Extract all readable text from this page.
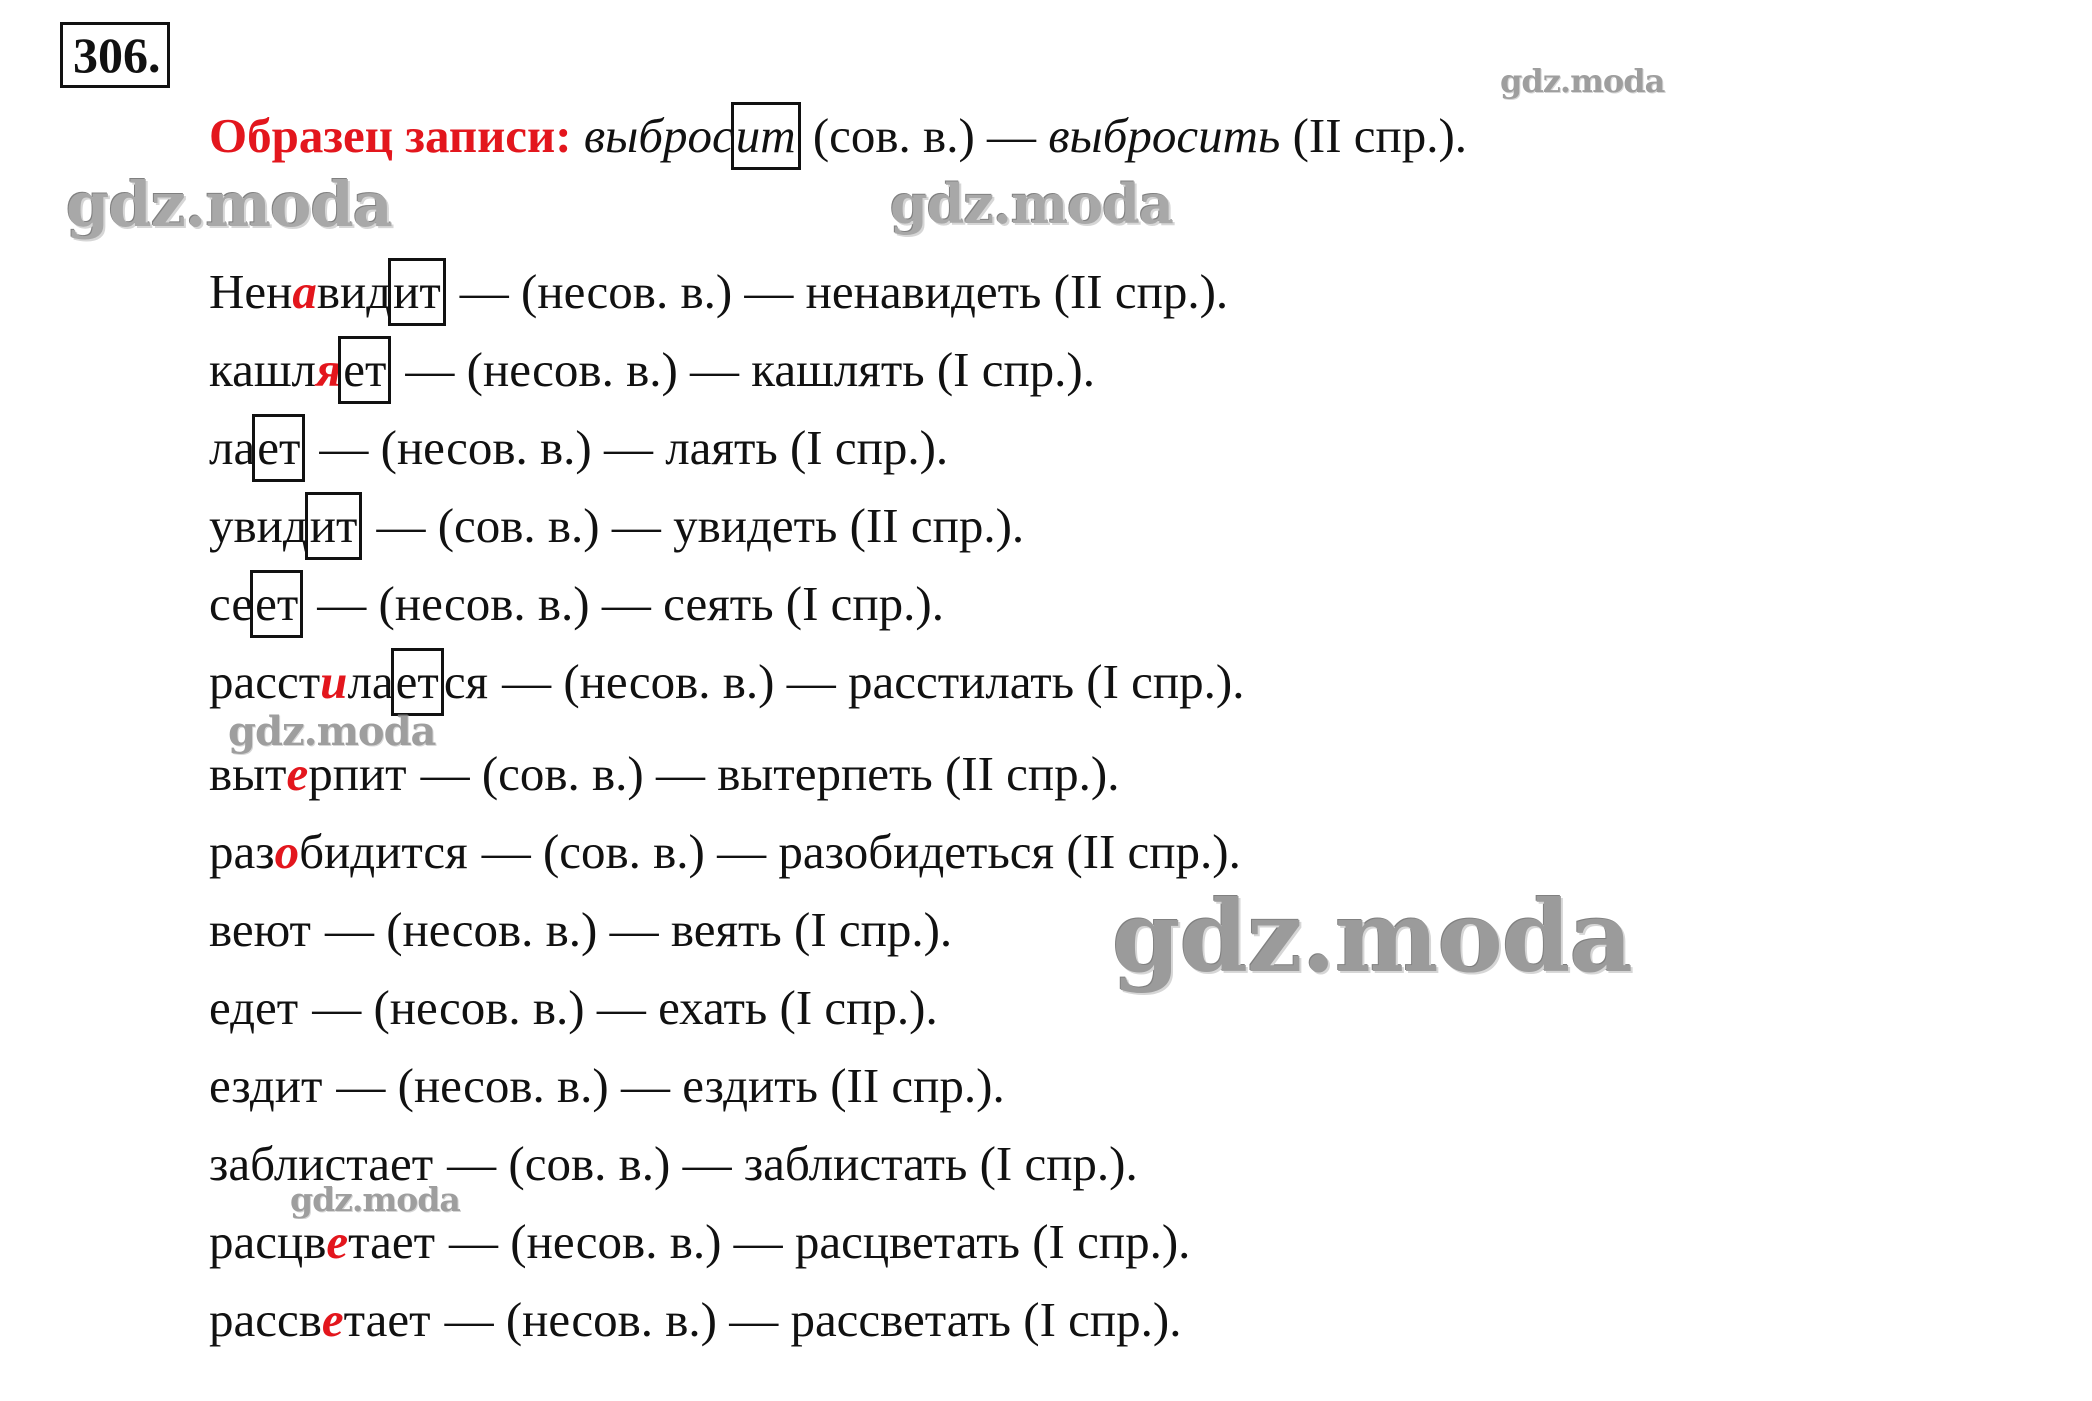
306.
Образец записи: выбросит (сов. в.) — выбросить (II спр.).
Ненавидит — (несов. в.) — ненавидеть (II спр.).
кашляет — (несов. в.) — кашлять (I спр.).
лает — (несов. в.) — лаять (I спр.).
увидит — (сов. в.) — увидеть (II спр.).
сеет — (несов. в.) — сеять (I спр.).
расстилает ся — (несов. в.) — расстилать (I спр.).
вытерпит — (сов. в.) — вытерпеть (II спр.).
разобидится — (сов. в.) — разобидеться (II спр.).
веют — (несов. в.) — веять (I спр.).
едет — (несов. в.) — ехать (I спр.).
ездит — (несов. в.) — ездить (II спр.).
заблистает — (сов. в.) — заблистать (I спр.).
расцветает — (несов. в.) — расцветать (I спр.).
рассветает — (несов. в.) — рассветать (I спр.).
gdz.moda
gdz.moda	gdz.moda
gdz.moda
gdz.moda
gdz.moda
